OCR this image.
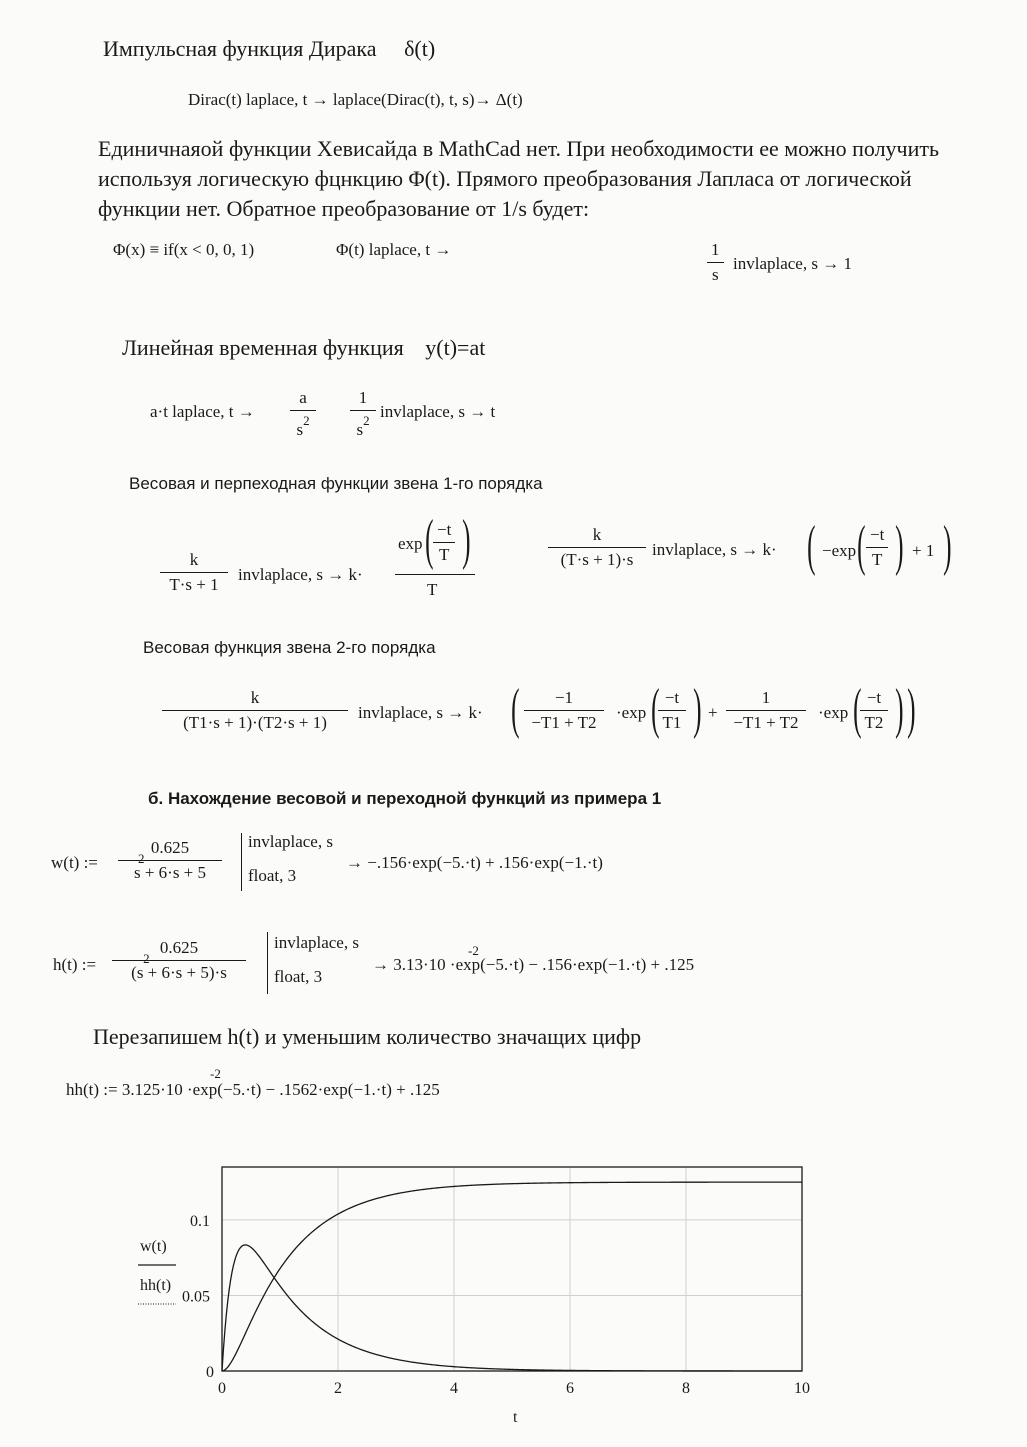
Импульсная функция Дирака δ(t)
Dirac(t) laplace, t → laplace(Dirac(t), t, s)→ Δ(t)
Единичнаяой функции Хевисайда в MathCad нет. При необходимости ее можно получить используя логическую фцнкцию Φ(t). Прямого преобразования Лапласа от логической функции нет. Обратное преобразование от 1/s будет:
Φ(x) ≡ if(x < 0, 0, 1)	Φ(t) laplace, t →	1
s
invlaplace, s → 1
Линейная временная функция y(t)=at
a·t laplace, t →
a
$s^2$
1
$s^2$ invlaplace, s → t
Весовая и перпеходная функции звена 1-го порядка
k
T·s + 1
invlaplace, s → k·
exp ( −t
T )
T
k
(T·s + 1)·s
invlaplace, s → k· ( −exp ( −t
T ) + 1 )
Весовая функция звена 2-го порядка
k
(T1·s + 1)·(T2·s + 1)
invlaplace, s → k· (	−1
−T1 + T2
·exp ( −t
T1 ) +
1
−T1 + T2
·exp ( −t
T2 ) )
б. Нахождение весовой и переходной функций из примера 1
w(t) :=
0.625
2
s + 6·s + 5
invlaplace, s
float, 3
→ −.156·exp(−5.·t) + .156·exp(−1.·t)
h(t) :=
0.625
2
(s + 6·s + 5)·s
invlaplace, s
float, 3
→ 3.13·10 ·exp(−5.·t) − .156·exp(−1.·t) + .125
-2
Перезапишем h(t) и уменьшим количество значащих цифр
hh(t) := 3.125·10 ·exp(−5.·t) − .1562·exp(−1.·t) + .125
-2
0	2	4	6	8	10
0
0.05
0.1
w(t)
hh(t)
t
